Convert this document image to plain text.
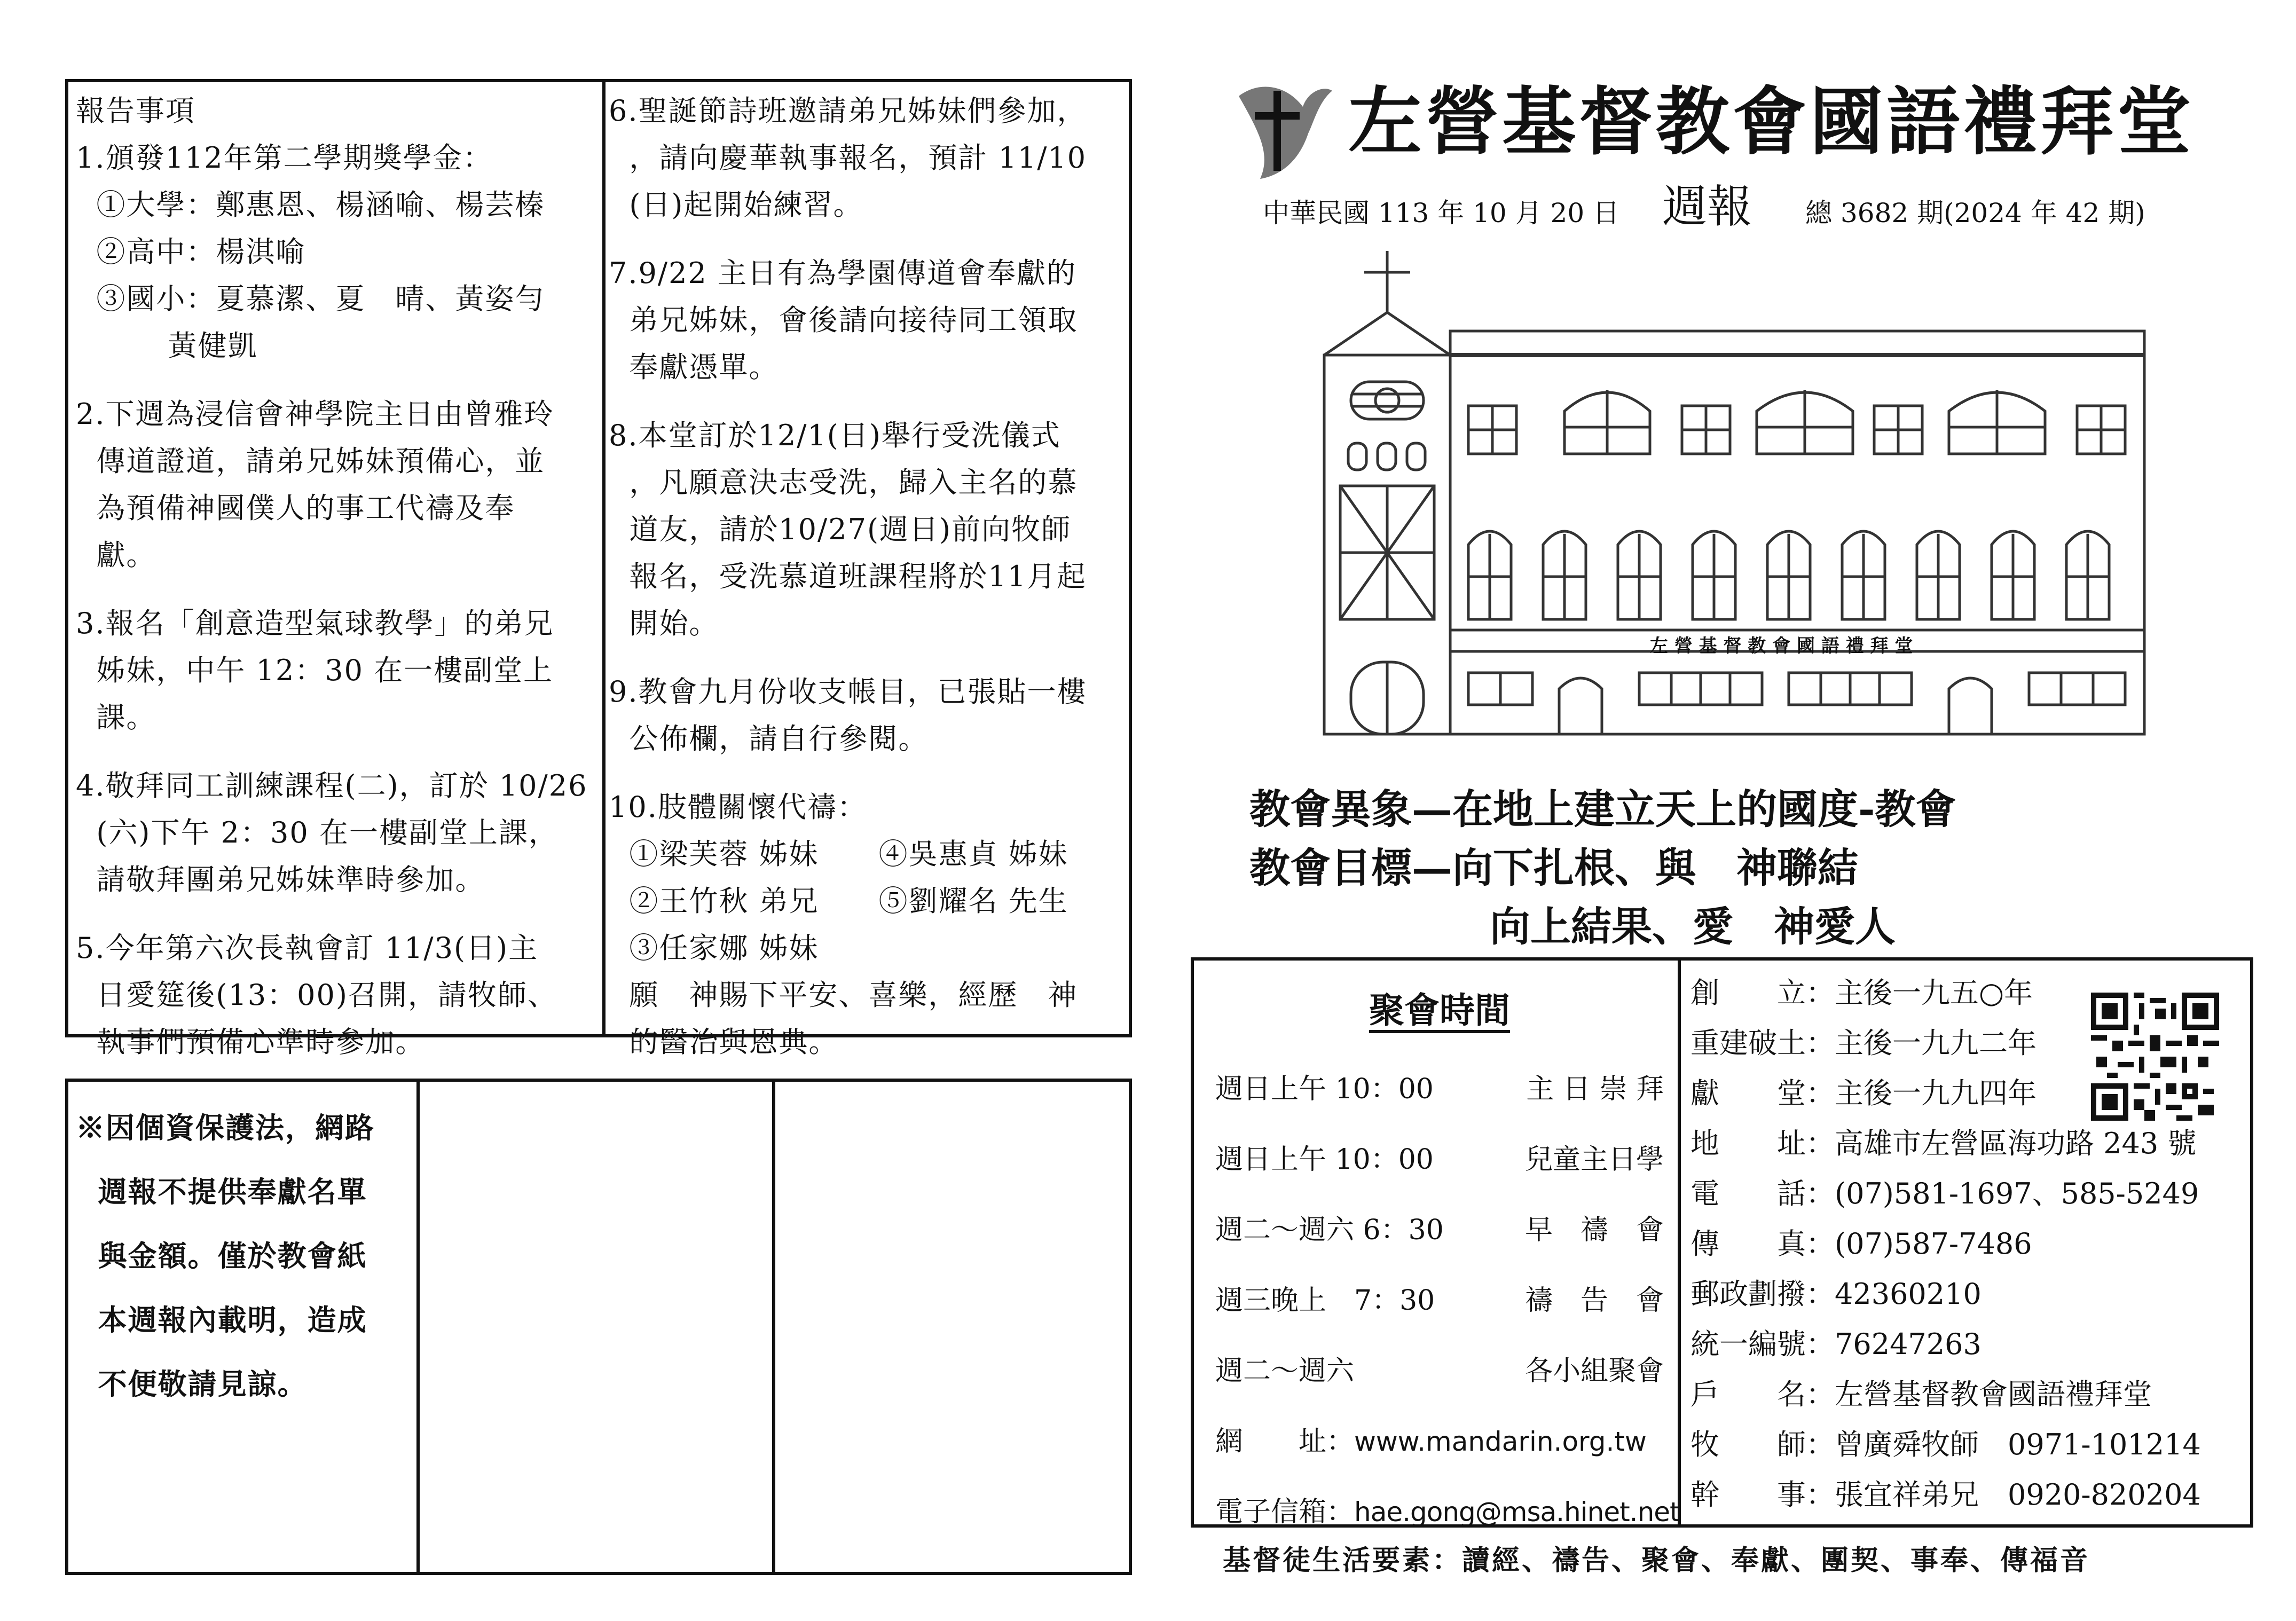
報告事項
1.頒發112年第二學期獎學金：
①大學：鄭惠恩、楊涵喻、楊芸榛
②高中：楊淇喻
③國小：夏慕潔、夏　晴、黃姿勻
黃健凱
2.下週為浸信會神學院主日由曾雅玲
傳道證道，請弟兄姊妹預備心，並
為預備神國僕人的事工代禱及奉
獻。
3.報名「創意造型氣球教學」的弟兄
姊妹，中午 12：30 在一樓副堂上
課。
4.敬拜同工訓練課程(二)，訂於 10/26
(六)下午 2：30 在一樓副堂上課，
請敬拜團弟兄姊妹準時參加。
5.今年第六次長執會訂 11/3(日)主
日愛筵後(13：00)召開，請牧師、
執事們預備心準時參加。
6.聖誕節詩班邀請弟兄姊妹們參加，
，請向慶華執事報名，預計 11/10
(日)起開始練習。
7.9/22 主日有為學園傳道會奉獻的
弟兄姊妹，會後請向接待同工領取
奉獻憑單。
8.本堂訂於12/1(日)舉行受洗儀式
，凡願意決志受洗，歸入主名的慕
道友，請於10/27(週日)前向牧師
報名，受洗慕道班課程將於11月起
開始。
9.教會九月份收支帳目，已張貼一樓
公佈欄，請自行參閱。
10.肢體關懷代禱：
①梁芙蓉 姊妹　　④吳惠貞 姊妹
②王竹秋 弟兄　　⑤劉耀名 先生
③任家娜 姊妹
願　神賜下平安、喜樂，經歷　神
的醫治與恩典。
※因個資保護法，網路
週報不提供奉獻名單
與金額。僅於教會紙
本週報內載明，造成
不便敬請見諒。
左營基督教會國語禮拜堂
中華民國 113 年 10 月 20 日 週報 總 3682 期(2024 年 42 期)
左 營 基 督 教 會 國 語 禮 拜 堂
教會異象—在地上建立天上的國度-教會
教會目標—向下扎根、與　神聯結
向上結果、愛　神愛人
聚會時間
週日上午 10：00	主 日 崇 拜
週日上午 10：00	兒童主日學
週二～週六 6：30	早　禱　會
週三晚上　7：30	禱　告　會
週二～週六	各小組聚會
網　　址： www.mandarin.org.tw
電子信箱： hae.gong@msa.hinet.net
創　　立：主後一九五○年
重建破土：主後一九九二年
獻　　堂：主後一九九四年
地　　址：高雄市左營區海功路 243 號
電　　話：(07)581-1697、585-5249
傳　　真：(07)587-7486
郵政劃撥：42360210
統一編號：76247263
戶　　名：左營基督教會國語禮拜堂
牧　　師：曾廣舜牧師　0971-101214
幹　　事：張宜祥弟兄　0920-820204
基督徒生活要素：讀經、禱告、聚會、奉獻、團契、事奉、傳福音
